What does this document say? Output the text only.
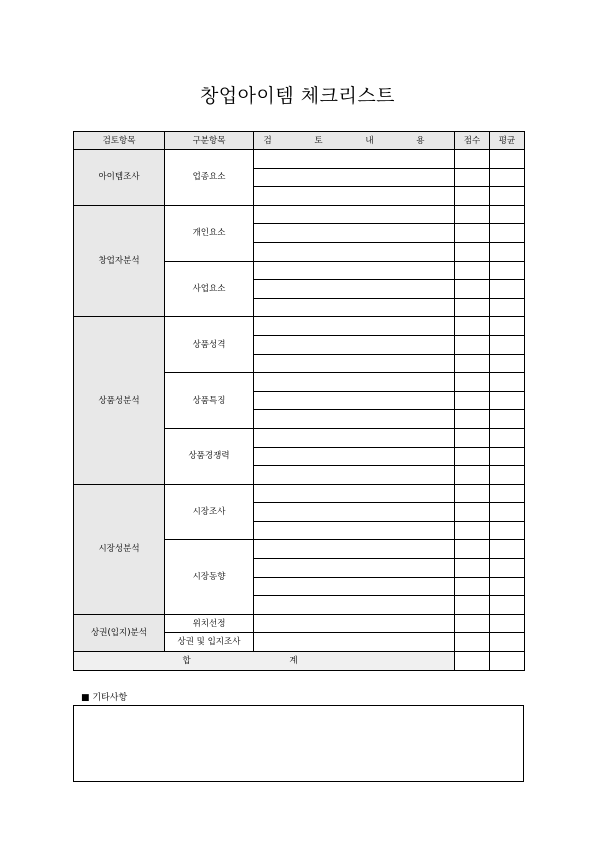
창업아이템 체크리스트
검토항목	구분항목	검 토 내 용	점수	평균
아이템조사	업종요소			

창업자분석	개인요소			

	사업요소			

상품성분석	상품성격			

	상품특징			

	상품경쟁력			

시장성분석	시장조사			

	시장동향			

상권(입지)분석	위치선정			
	상권 및 입지조사			
합 계				
■ 기타사항
